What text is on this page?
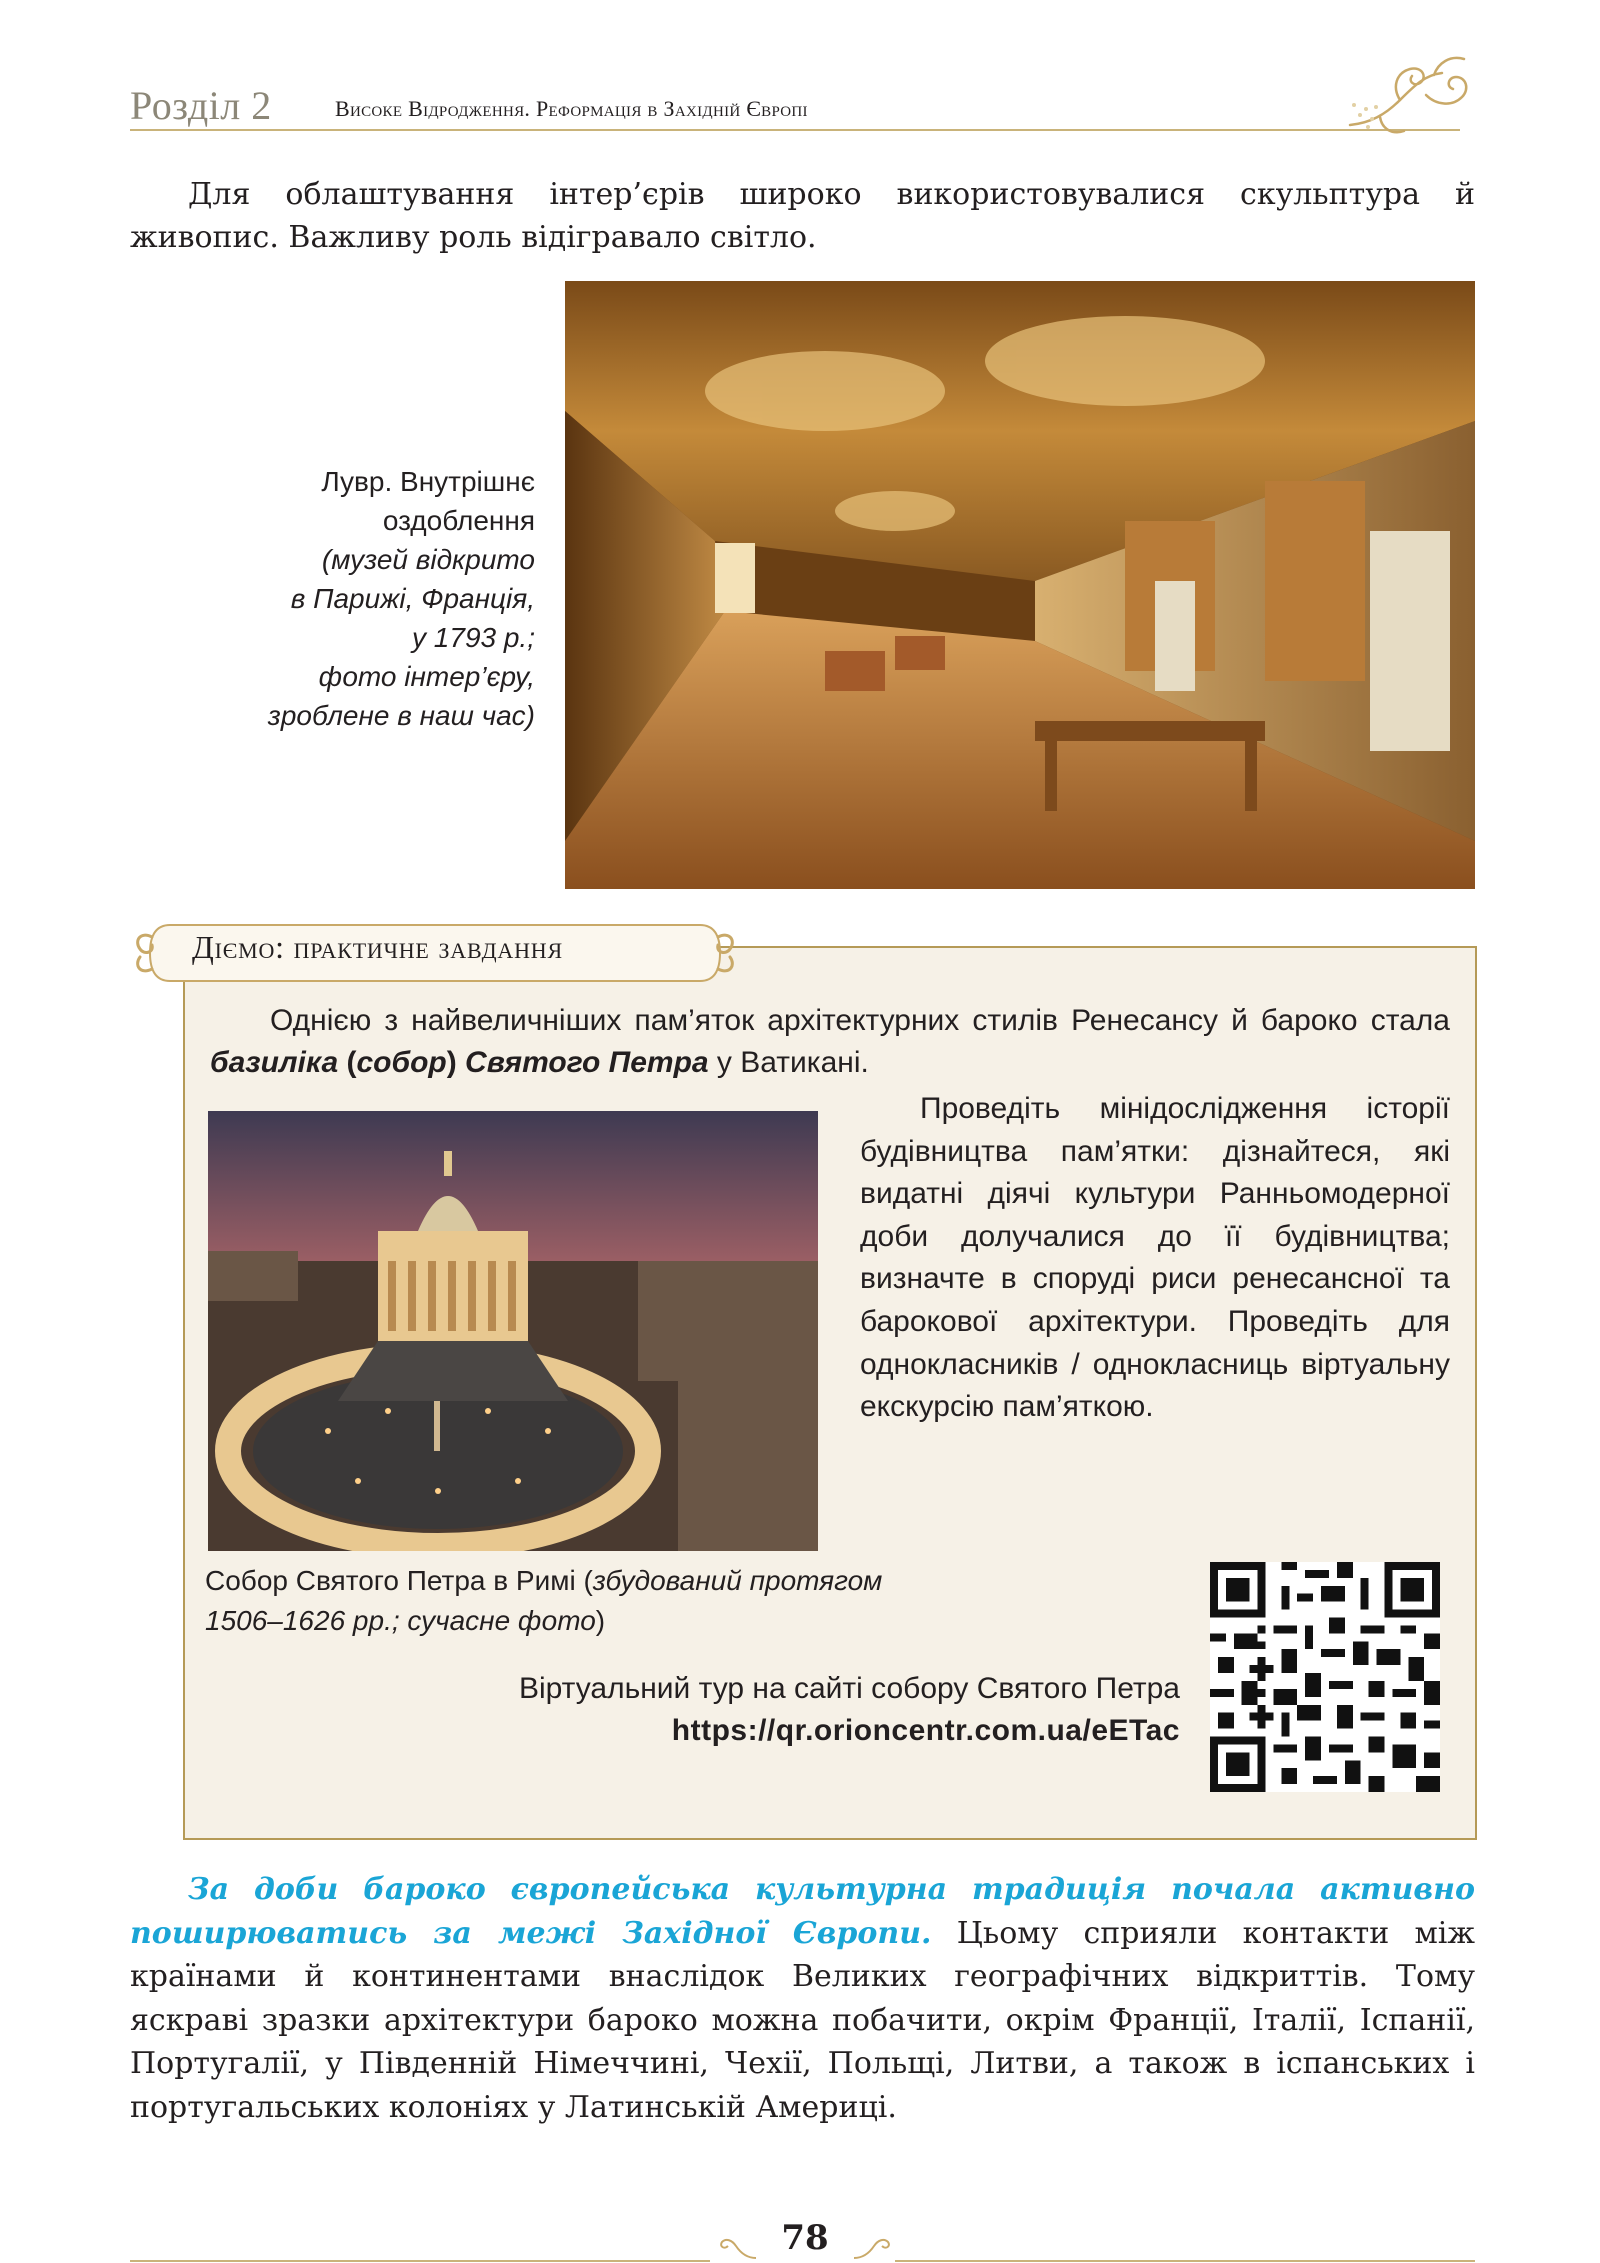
Розділ 2	Високе Відродження. Реформація в Західній Європі
Для облаштування інтер’єрів широко використовувалися скульптура й живопис. Важливу роль відігравало світло.
Лувр. Внутрішнє
оздоблення
(музей відкрито
в Парижі, Франція,
у 1793 р.;
фото інтер’єру,
зроблене в наш час)
Діємо: практичне завдання
Однією з найвеличніших пам’яток архітектурних стилів Ренесансу й бароко стала базиліка (собор) Святого Петра у Ватикані.
Проведіть мінідослідження історії будівництва пам’ятки: дізнайтеся, які видатні діячі культури Ранньомодерної доби долучалися до її будівництва; визначте в споруді риси ренесансної та барокової архітектури. Проведіть для однокласників / однокласниць віртуальну екскурсію пам’яткою.
Собор Святого Петра в Римі (збудований протягом 1506–1626 рр.; сучасне фото)
Віртуальний тур на сайті собору Святого Петра
https://qr.orioncentr.com.ua/eETac
За доби бароко європейська культурна традиція почала активно поширюватись за межі Західної Європи. Цьому сприяли контакти між країнами й континентами внаслідок Великих географічних відкриттів. Тому яскраві зразки архітектури бароко можна побачити, окрім Франції, Італії, Іспанії, Португалії, у Південній Німеччині, Чехії, Польщі, Литви, а також в іспанських і португальських колоніях у Латинській Америці.
78
